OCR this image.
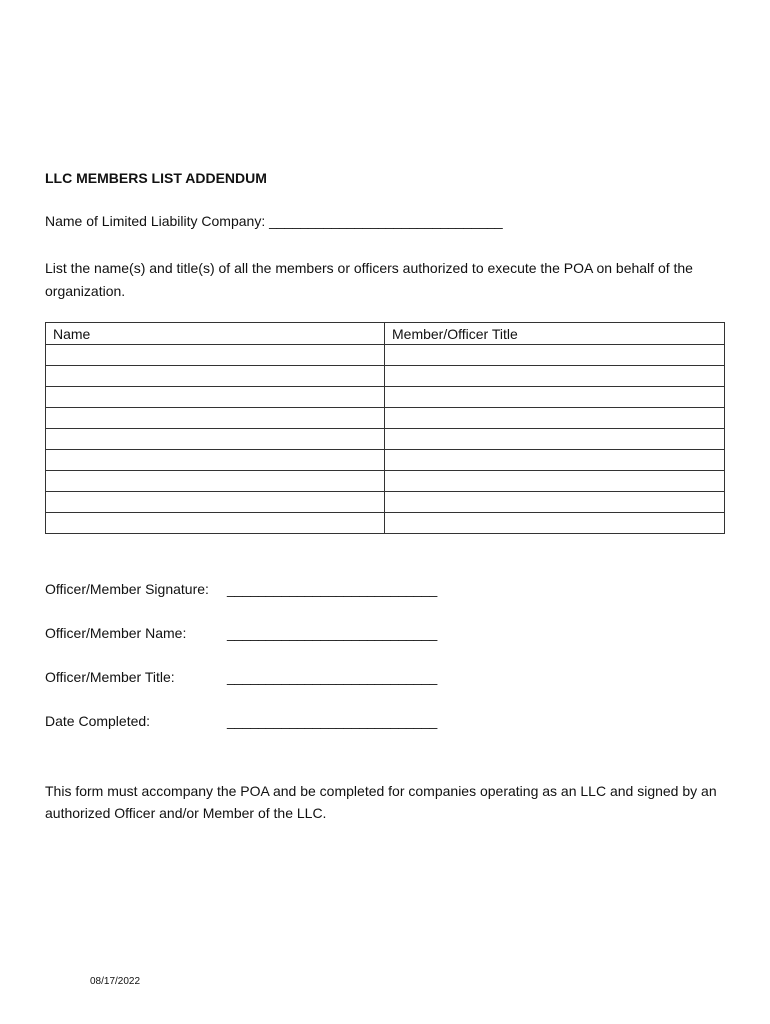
LLC MEMBERS LIST ADDENDUM
Name of Limited Liability Company: ______________________________
List the name(s) and title(s) of all the members or officers authorized to execute the POA on behalf of the organization.
Name	Member/Officer Title

Officer/Member Signature: ___________________________
Officer/Member Name:	___________________________
Officer/Member Title:	___________________________
Date Completed:	___________________________
This form must accompany the POA and be completed for companies operating as an LLC and signed by an authorized Officer and/or Member of the LLC.
08/17/2022
